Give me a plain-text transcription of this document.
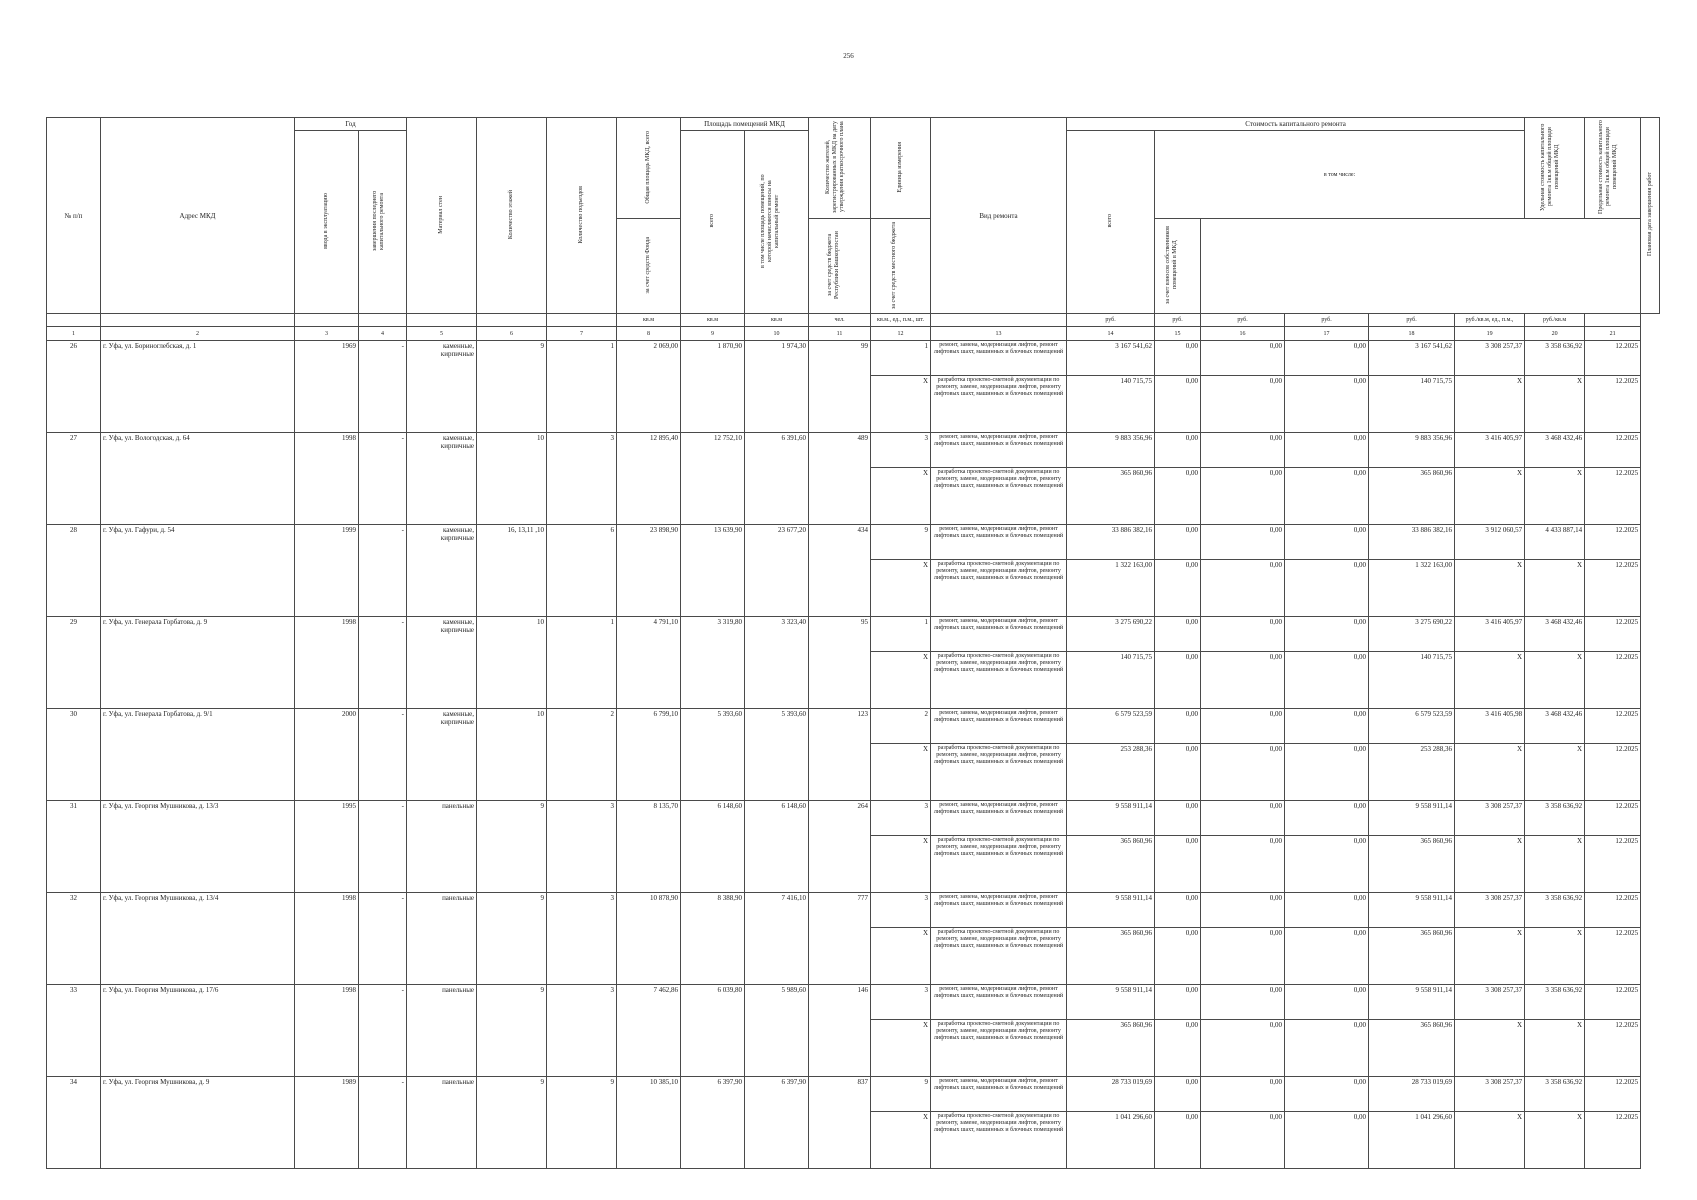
256
№ п/п	Адрес МКД	Год		Материал стен	Количество этажей	Количество подъездов	Общая площадь МКД, всего	Площадь помещений МКД		Количество жителей, зарегистрированных в МКД на дату утверждения краткосрочного плана	Единица измерения	Вид ремонта	Стоимость капитального ремонта						Удельная стоимость капитального ремонта 1кв.м общей площади помещений МКД	Предельная стоимость капитального ремонта 1кв.м общей площади помещений МКД	Плановая дата завершения работ
		ввода в эксплуатацию	завершения последнего капитального ремонта					всего	в том числе площадь помещений, по которой начисляются взносы на капитальный ремонт				всего	в том числе:							
							за счет средств Фонда			за счет средств бюджета Республики Башкортостан	за счет средств местного бюджета			за счет взносов собственников помещений в МКД							
							кв.м	кв.м	кв.м	чел.	кв.м., ед., п.м., шт.		руб.	руб.	руб.	руб.	руб.	руб./кв.м, ед., п.м.,	руб./кв.м		
1	2	3	4	5	6	7	8	9	10	11	12	13	14	15	16	17	18	19	20	21	
26	г. Уфа, ул. Бориноглебская, д. 1	1969	-	каменные, кирпичные	9	1	2 069,00	1 870,90	1 974,30	99	1	ремонт, замена, модернизация лифтов, ремонт лифтовых шахт, машинных и блочных помещений	3 167 541,62	0,00	0,00	0,00	3 167 541,62	3 308 257,37	3 358 636,92	12.2025	
											X	разработка проектно-сметной документации по ремонту, замене, модернизации лифтов, ремонту лифтовых шахт, машинных и блочных помещений	140 715,75	0,00	0,00	0,00	140 715,75	X	X	12.2025	
27	г. Уфа, ул. Вологодская, д. 64	1998	-	каменные, кирпичные	10	3	12 895,40	12 752,10	6 391,60	489	3	ремонт, замена, модернизация лифтов, ремонт лифтовых шахт, машинных и блочных помещений	9 883 356,96	0,00	0,00	0,00	9 883 356,96	3 416 405,97	3 468 432,46	12.2025	
											X	разработка проектно-сметной документации по ремонту, замене, модернизации лифтов, ремонту лифтовых шахт, машинных и блочных помещений	365 860,96	0,00	0,00	0,00	365 860,96	X	X	12.2025	
28	г. Уфа, ул. Гафури, д. 54	1999	-	каменные, кирпичные	16, 13,11 ,10	6	23 898,90	13 639,90	23 677,20	434	9	ремонт, замена, модернизация лифтов, ремонт лифтовых шахт, машинных и блочных помещений	33 886 382,16	0,00	0,00	0,00	33 886 382,16	3 912 060,57	4 433 887,14	12.2025	
											X	разработка проектно-сметной документации по ремонту, замене, модернизации лифтов, ремонту лифтовых шахт, машинных и блочных помещений	1 322 163,00	0,00	0,00	0,00	1 322 163,00	X	X	12.2025	
29	г. Уфа, ул. Генерала Горбатова, д. 9	1998	-	каменные, кирпичные	10	1	4 791,10	3 319,80	3 323,40	95	1	ремонт, замена, модернизация лифтов, ремонт лифтовых шахт, машинных и блочных помещений	3 275 690,22	0,00	0,00	0,00	3 275 690,22	3 416 405,97	3 468 432,46	12.2025	
											X	разработка проектно-сметной документации по ремонту, замене, модернизации лифтов, ремонту лифтовых шахт, машинных и блочных помещений	140 715,75	0,00	0,00	0,00	140 715,75	X	X	12.2025	
30	г. Уфа, ул. Генерала Горбатова, д. 9/1	2000	-	каменные, кирпичные	10	2	6 799,10	5 393,60	5 393,60	123	2	ремонт, замена, модернизация лифтов, ремонт лифтовых шахт, машинных и блочных помещений	6 579 523,59	0,00	0,00	0,00	6 579 523,59	3 416 405,98	3 468 432,46	12.2025	
											X	разработка проектно-сметной документации по ремонту, замене, модернизации лифтов, ремонту лифтовых шахт, машинных и блочных помещений	253 288,36	0,00	0,00	0,00	253 288,36	X	X	12.2025	
31	г. Уфа, ул. Георгия Мушникова, д. 13/3	1995	-	панельные	9	3	8 135,70	6 148,60	6 148,60	264	3	ремонт, замена, модернизация лифтов, ремонт лифтовых шахт, машинных и блочных помещений	9 558 911,14	0,00	0,00	0,00	9 558 911,14	3 308 257,37	3 358 636,92	12.2025	
											X	разработка проектно-сметной документации по ремонту, замене, модернизации лифтов, ремонту лифтовых шахт, машинных и блочных помещений	365 860,96	0,00	0,00	0,00	365 860,96	X	X	12.2025	
32	г. Уфа, ул. Георгия Мушникова, д. 13/4	1998	-	панельные	9	3	10 878,90	8 388,90	7 416,10	777	3	ремонт, замена, модернизация лифтов, ремонт лифтовых шахт, машинных и блочных помещений	9 558 911,14	0,00	0,00	0,00	9 558 911,14	3 308 257,37	3 358 636,92	12.2025	
											X	разработка проектно-сметной документации по ремонту, замене, модернизации лифтов, ремонту лифтовых шахт, машинных и блочных помещений	365 860,96	0,00	0,00	0,00	365 860,96	X	X	12.2025	
33	г. Уфа, ул. Георгия Мушникова, д. 17/6	1998	-	панельные	9	3	7 462,86	6 039,80	5 989,60	146	3	ремонт, замена, модернизация лифтов, ремонт лифтовых шахт, машинных и блочных помещений	9 558 911,14	0,00	0,00	0,00	9 558 911,14	3 308 257,37	3 358 636,92	12.2025	
											X	разработка проектно-сметной документации по ремонту, замене, модернизации лифтов, ремонту лифтовых шахт, машинных и блочных помещений	365 860,96	0,00	0,00	0,00	365 860,96	X	X	12.2025	
34	г. Уфа, ул. Георгия Мушникова, д. 9	1989	-	панельные	9	9	10 385,10	6 397,90	6 397,90	837	9	ремонт, замена, модернизация лифтов, ремонт лифтовых шахт, машинных и блочных помещений	28 733 019,69	0,00	0,00	0,00	28 733 019,69	3 308 257,37	3 358 636,92	12.2025	
											X	разработка проектно-сметной документации по ремонту, замене, модернизации лифтов, ремонту лифтовых шахт, машинных и блочных помещений	1 041 296,60	0,00	0,00	0,00	1 041 296,60	X	X	12.2025	
